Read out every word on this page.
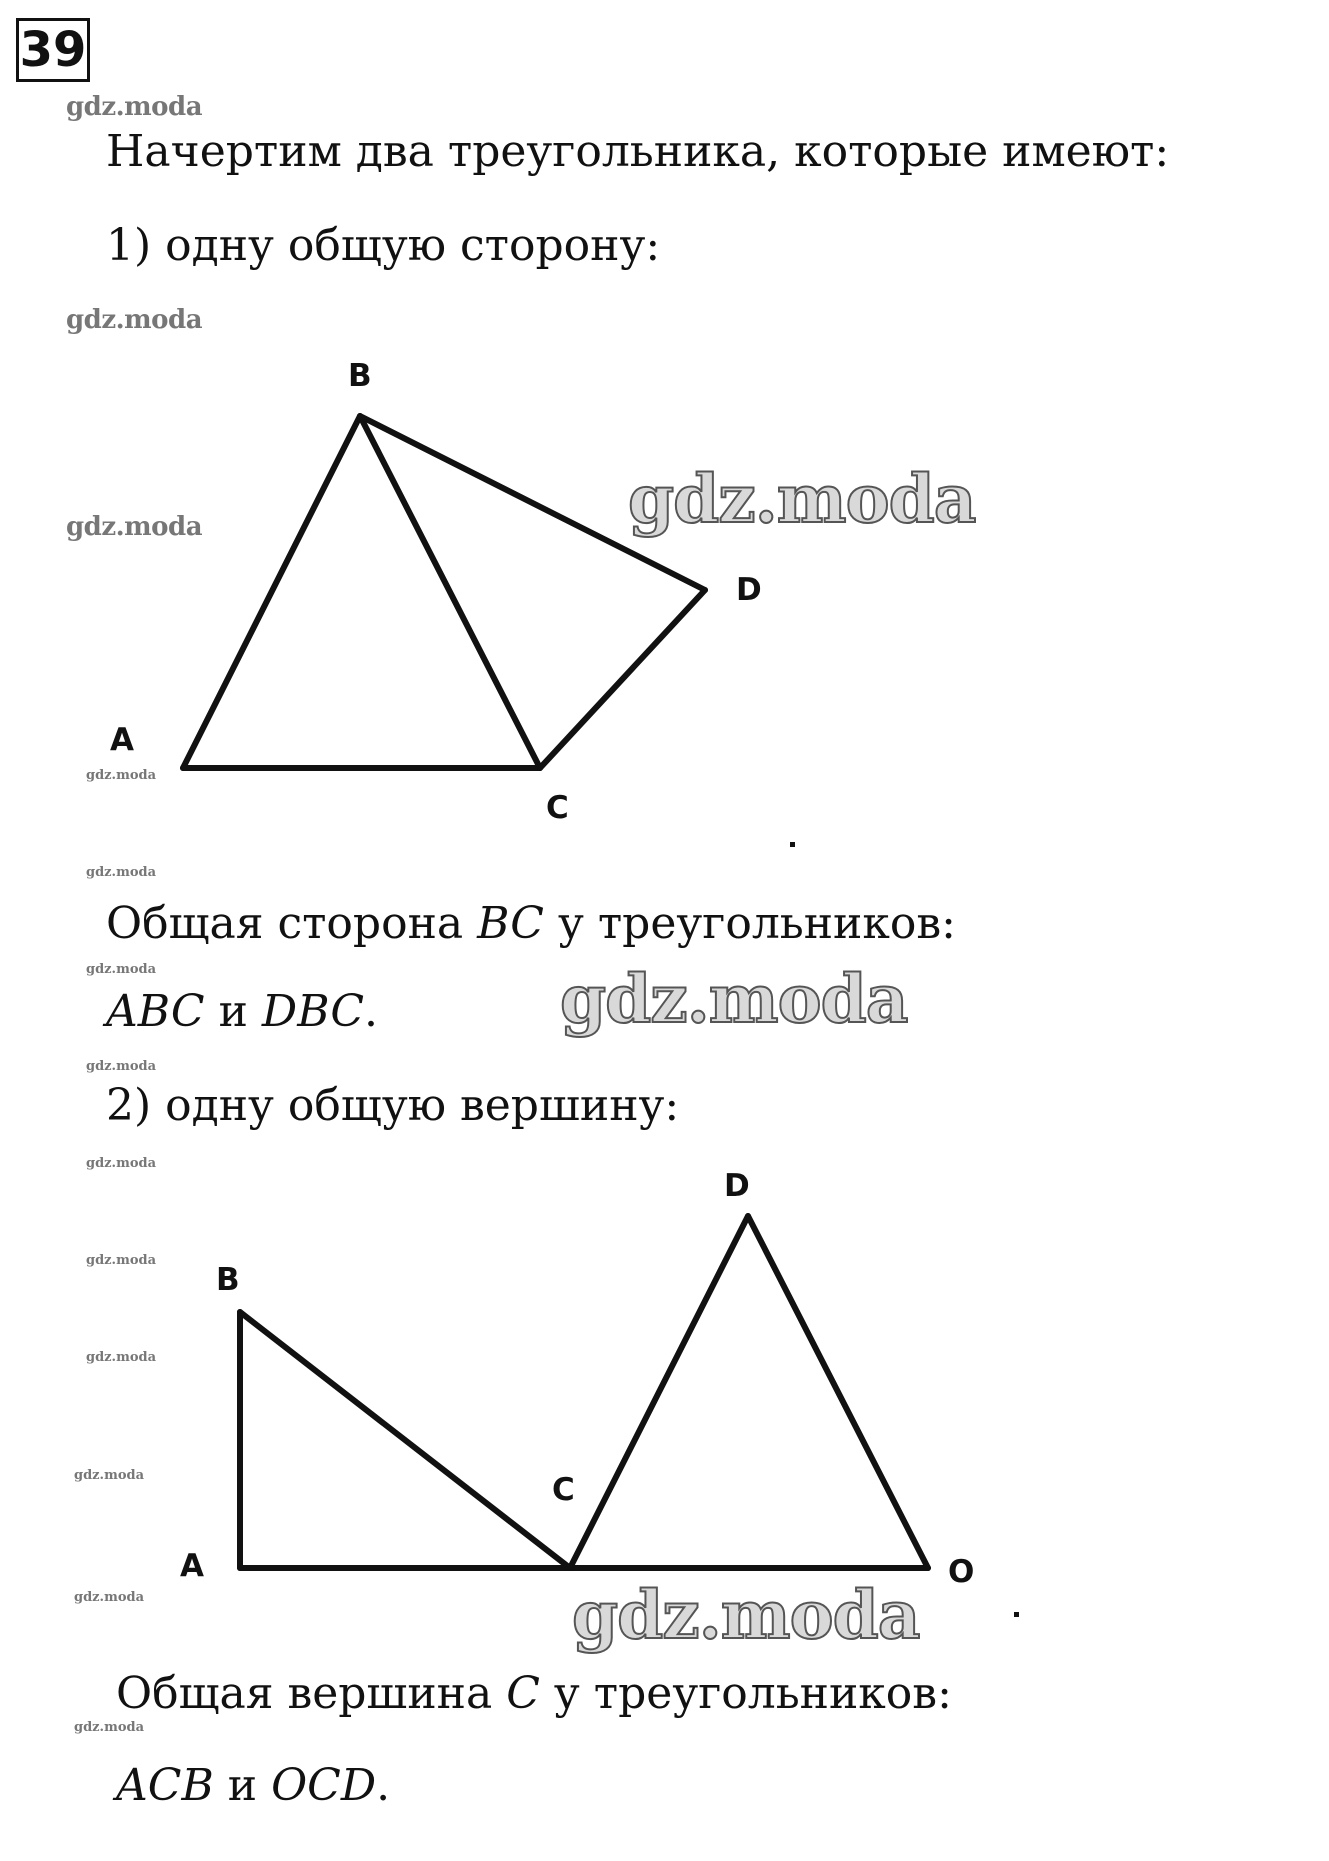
39
gdz.moda
gdz.moda
gdz.moda
gdz.moda
gdz.moda
gdz.moda
gdz.moda
gdz.moda
gdz.moda
gdz.moda
gdz.moda
gdz.moda
gdz.moda
Начертим два треугольника, которые имеют:
1) одну общую сторону:
B
D
A
C
gdz.moda
Общая сторона BC у треугольников:
ABC и DBC.	gdz.moda
2) одну общую вершину:
D
B
C
A	O
gdz.moda
Общая вершина C у треугольников:
ACB и OCD.
